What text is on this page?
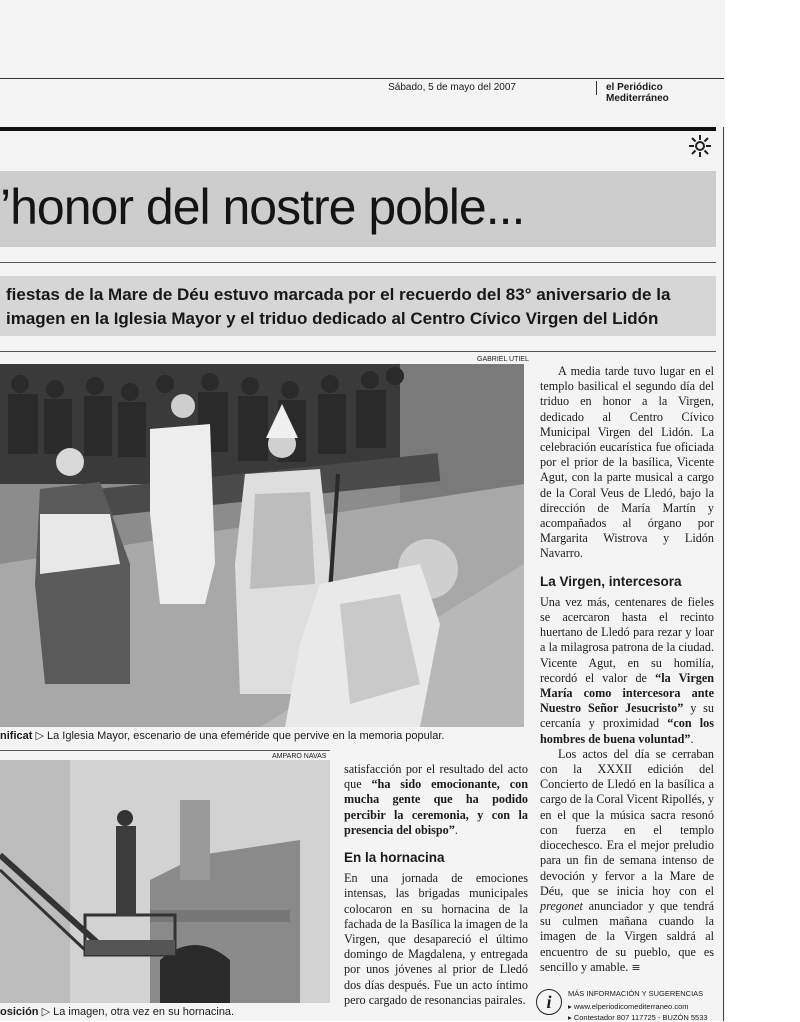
Sábado, 5 de mayo del 2007	el Periódico Mediterráneo
’honor del nostre poble...
fiestas de la Mare de Déu estuvo marcada por el recuerdo del 83° aniversario de la imagen en la Iglesia Mayor y el triduo dedicado al Centro Cívico Virgen del Lidón
GABRIEL UTIEL
nificat ▷ La Iglesia Mayor, escenario de una efeméride que pervive en la memoria popular.

A media tarde tuvo lugar en el templo basilical el segundo día del triduo en honor a la Virgen, dedicado al Centro Cívico Municipal Virgen del Lidón. La celebración eucarística fue oficiada por el prior de la basílica, Vicente Agut, con la parte musical a cargo de la Coral Veus de Lledó, bajo la dirección de María Martín y acompañados al órgano por Margarita Wistrova y Lidón Navarro.

La Virgen, intercesora

Una vez más, centenares de fieles se acercaron hasta el recinto huertano de Lledó para rezar y loar a la milagrosa patrona de la ciudad. Vicente Agut, en su homilía, recordó el valor de “la Virgen María como intercesora ante Nuestro Señor Jesucristo” y su cercanía y proximidad “con los hombres de buena voluntad”.

Los actos del día se cerraban con la XXXII edición del Concierto de Lledó en la basílica a cargo de la Coral Vicent Ripollés, y en el que la música sacra resonó con fuerza en el templo diocechesco. Era el mejor preludio para un fin de semana intenso de devoción y fervor a la Mare de Déu, que se inicia hoy con el pregonet anunciador y que tendrá su culmen mañana cuando la imagen de la Virgen saldrá al encuentro de su pueblo, que es sencillo y amable. ≡

AMPARO NAVAS
osición ▷ La imagen, otra vez en su hornacina.

satisfacción por el resultado del acto que “ha sido emocionante, con mucha gente que ha podido percibir la ceremonia, y con la presencia del obispo”.

En la hornacina

En una jornada de emociones intensas, las brigadas municipales colocaron en su hornacina de la fachada de la Basílica la imagen de la Virgen, que desapareció el último domingo de Magdalena, y entregada por unos jóvenes al prior de Lledó dos días después. Fue un acto íntimo pero cargado de resonancias pairales.	i	MÁS INFORMACIÓN Y SUGERENCIAS
▸ www.elperiodicomediterraneo.com
▸ Contestador 807 117725 - BUZÓN 5533
